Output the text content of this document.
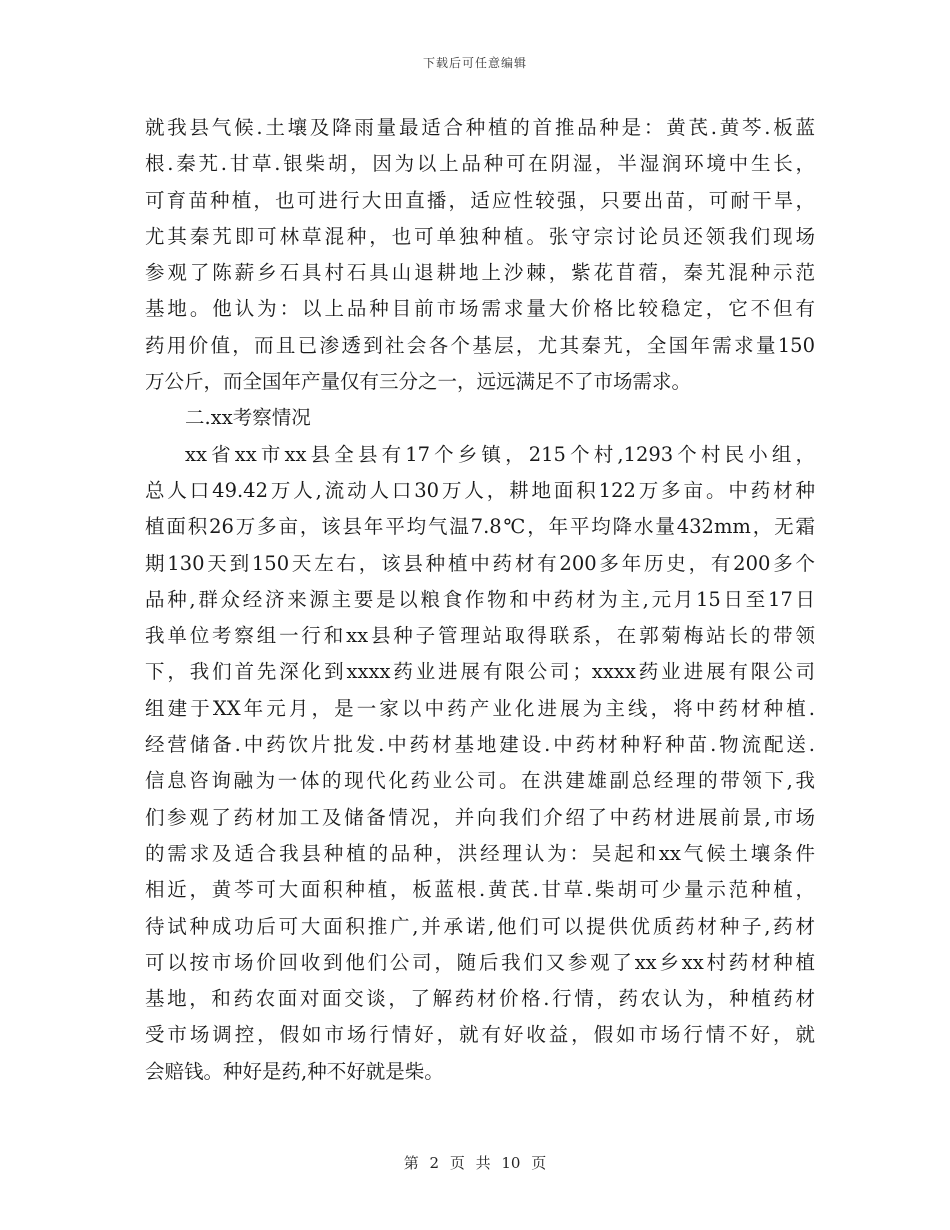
下载后可任意编辑
就我县气候.土壤及降雨量最适合种植的首推品种是：黄芪.黄芩.板蓝
根.秦艽.甘草.银柴胡，因为以上品种可在阴湿，半湿润环境中生长，
可育苗种植，也可进行大田直播，适应性较强，只要出苗，可耐干旱，
尤其秦艽即可林草混种，也可单独种植。张守宗讨论员还领我们现场
参观了陈薪乡石具村石具山退耕地上沙棘，紫花苜蓿，秦艽混种示范
基地。他认为：以上品种目前市场需求量大价格比较稳定，它不但有
药用价值，而且已渗透到社会各个基层，尤其秦艽，全国年需求量150
万公斤，而全国年产量仅有三分之一，远远满足不了市场需求。
二.xx考察情况
xx省xx市xx县全县有17个乡镇，215个村,1293个村民小组，
总人口49.42万人,流动人口30万人，耕地面积122万多亩。中药材种
植面积26万多亩，该县年平均气温7.8℃，年平均降水量432mm，无霜
期130天到150天左右，该县种植中药材有200多年历史，有200多个
品种,群众经济来源主要是以粮食作物和中药材为主,元月15日至17日
我单位考察组一行和xx县种子管理站取得联系，在郭菊梅站长的带领
下，我们首先深化到xxxx药业进展有限公司；xxxx药业进展有限公司
组建于XX年元月，是一家以中药产业化进展为主线，将中药材种植.
经营储备.中药饮片批发.中药材基地建设.中药材种籽种苗.物流配送.
信息咨询融为一体的现代化药业公司。在洪建雄副总经理的带领下,我
们参观了药材加工及储备情况，并向我们介绍了中药材进展前景,市场
的需求及适合我县种植的品种，洪经理认为：吴起和xx气候土壤条件
相近，黄芩可大面积种植，板蓝根.黄芪.甘草.柴胡可少量示范种植，
待试种成功后可大面积推广,并承诺,他们可以提供优质药材种子,药材
可以按市场价回收到他们公司，随后我们又参观了xx乡xx村药材种植
基地，和药农面对面交谈，了解药材价格.行情，药农认为，种植药材
受市场调控，假如市场行情好，就有好收益，假如市场行情不好，就
会赔钱。种好是药,种不好就是柴。
第 2 页 共 10 页
